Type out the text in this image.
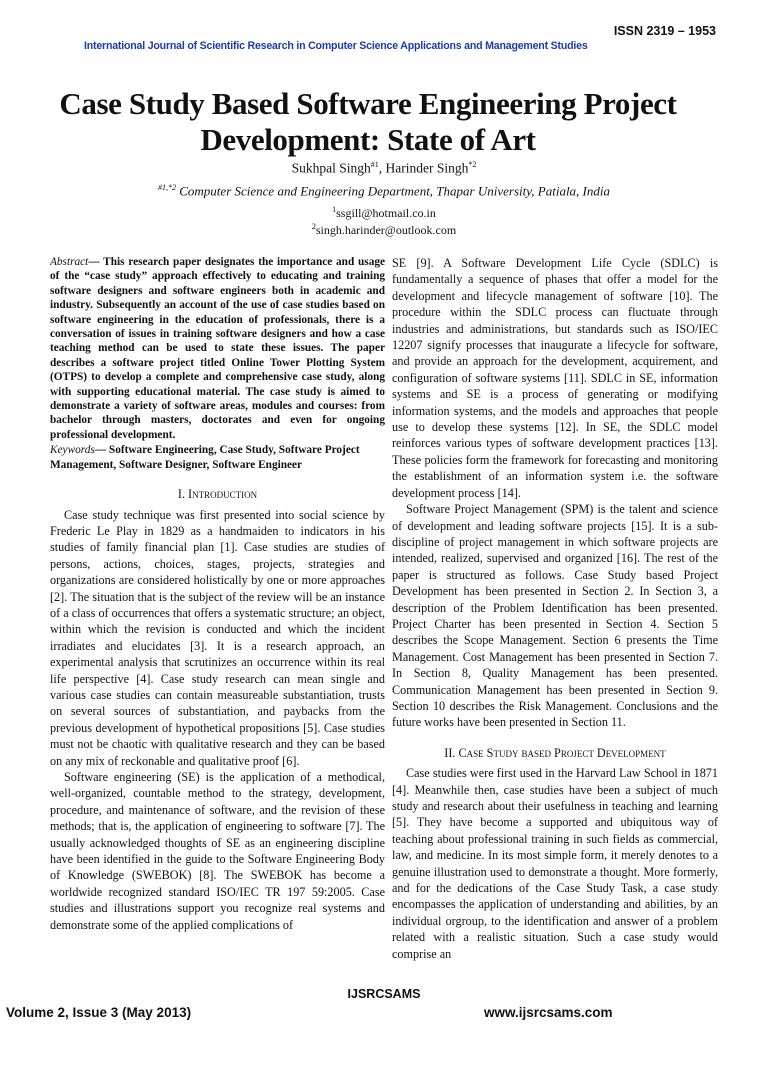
ISSN 2319 – 1953
International Journal of Scientific Research in Computer Science Applications and Management Studies
Case Study Based Software Engineering Project Development: State of Art
Sukhpal Singh$^{\#1}$, Harinder Singh$^{*2}$
$^{\#1,*2}$ Computer Science and Engineering Department, Thapar University, Patiala, India
$^1$ssgill@hotmail.co.in
$^2$singh.harinder@outlook.com
Abstract— This research paper designates the importance and usage of the “case study” approach effectively to educating and training software designers and software engineers both in academic and industry. Subsequently an account of the use of case studies based on software engineering in the education of professionals, there is a conversation of issues in training software designers and how a case teaching method can be used to state these issues. The paper describes a software project titled Online Tower Plotting System (OTPS) to develop a complete and comprehensive case study, along with supporting educational material. The case study is aimed to demonstrate a variety of software areas, modules and courses: from bachelor through masters, doctorates and even for ongoing professional development.
Keywords— Software Engineering, Case Study, Software Project Management, Software Designer, Software Engineer
I. Introduction

Case study technique was first presented into social science by Frederic Le Play in 1829 as a handmaiden to indicators in his studies of family financial plan [1]. Case studies are studies of persons, actions, choices, stages, projects, strategies and organizations are considered holistically by one or more approaches [2]. The situation that is the subject of the review will be an instance of a class of occurrences that offers a systematic structure; an object, within which the revision is conducted and which the incident irradiates and elucidates [3]. It is a research approach, an experimental analysis that scrutinizes an occurrence within its real life perspective [4]. Case study research can mean single and various case studies can contain measureable substantiation, trusts on several sources of substantiation, and paybacks from the previous development of hypothetical propositions [5]. Case studies must not be chaotic with qualitative research and they can be based on any mix of reckonable and qualitative proof [6].

Software engineering (SE) is the application of a methodical, well-organized, countable method to the strategy, development, procedure, and maintenance of software, and the revision of these methods; that is, the application of engineering to software [7]. The usually acknowledged thoughts of SE as an engineering discipline have been identified in the guide to the Software Engineering Body of Knowledge (SWEBOK) [8]. The SWEBOK has become a worldwide recognized standard ISO/IEC TR 197 59:2005. Case studies and illustrations support you recognize real systems and demonstrate some of the applied complications of

SE [9]. A Software Development Life Cycle (SDLC) is fundamentally a sequence of phases that offer a model for the development and lifecycle management of software [10]. The procedure within the SDLC process can fluctuate through industries and administrations, but standards such as ISO/IEC 12207 signify processes that inaugurate a lifecycle for software, and provide an approach for the development, acquirement, and configuration of software systems [11]. SDLC in SE, information systems and SE is a process of generating or modifying information systems, and the models and approaches that people use to develop these systems [12]. In SE, the SDLC model reinforces various types of software development practices [13]. These policies form the framework for forecasting and monitoring the establishment of an information system i.e. the software development process [14].

Software Project Management (SPM) is the talent and science of development and leading software projects [15]. It is a sub-discipline of project management in which software projects are intended, realized, supervised and organized [16]. The rest of the paper is structured as follows. Case Study based Project Development has been presented in Section 2. In Section 3, a description of the Problem Identification has been presented. Project Charter has been presented in Section 4. Section 5 describes the Scope Management. Section 6 presents the Time Management. Cost Management has been presented in Section 7. In Section 8, Quality Management has been presented. Communication Management has been presented in Section 9. Section 10 describes the Risk Management. Conclusions and the future works have been presented in Section 11.

II. Case Study based Project Development

Case studies were first used in the Harvard Law School in 1871 [4]. Meanwhile then, case studies have been a subject of much study and research about their usefulness in teaching and learning [5]. They have become a supported and ubiquitous way of teaching about professional training in such fields as commercial, law, and medicine. In its most simple form, it merely denotes to a genuine illustration used to demonstrate a thought. More formerly, and for the dedications of the Case Study Task, a case study encompasses the application of understanding and abilities, by an individual orgroup, to the identification and answer of a problem related with a realistic situation. Such a case study would comprise an

IJSRCSAMS
Volume 2, Issue 3 (May 2013)	www.ijsrcsams.com
